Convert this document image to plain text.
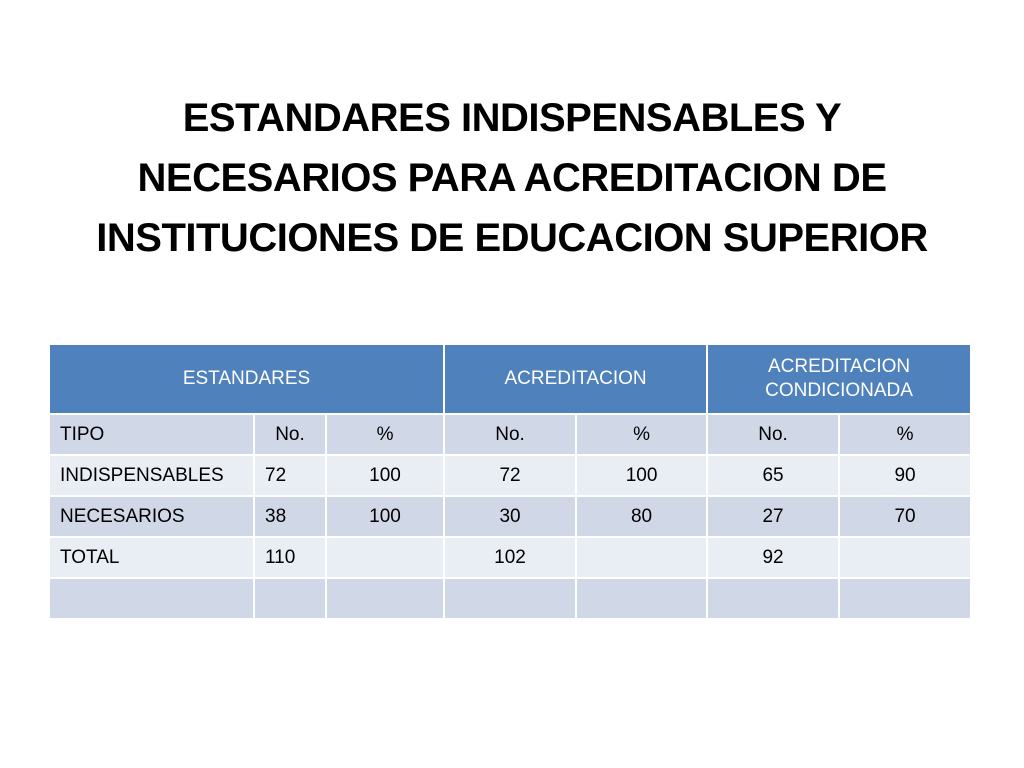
ESTANDARES INDISPENSABLES Y
NECESARIOS PARA ACREDITACION DE
INSTITUCIONES DE EDUCACION SUPERIOR
ESTANDARES			ACREDITACION		ACREDITACION
CONDICIONADA	
TIPO	No.	%	No.	%	No.	%
INDISPENSABLES	72	100	72	100	65	90
NECESARIOS	38	100	30	80	27	70
TOTAL	110		102		92	
